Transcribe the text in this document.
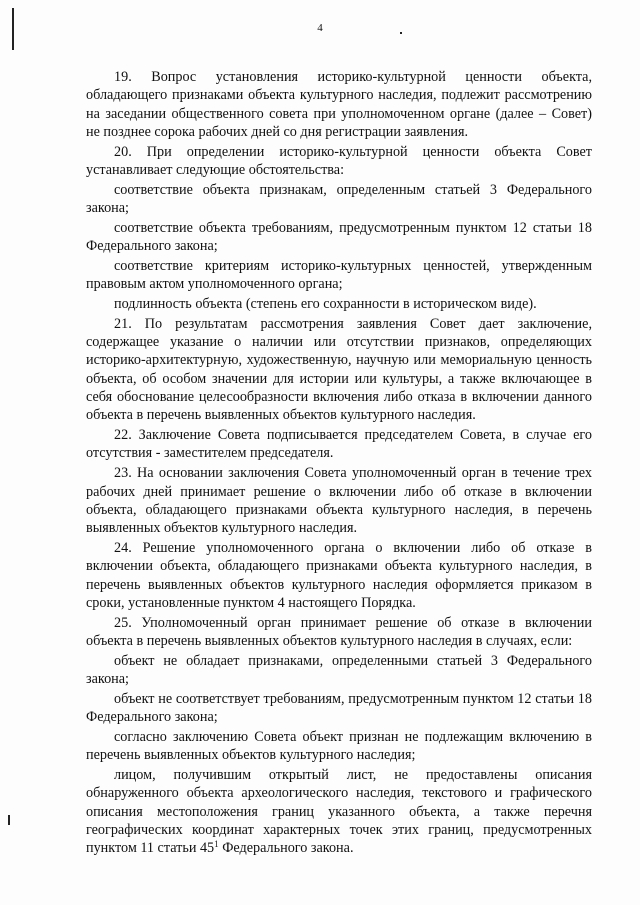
4

19. Вопрос установления историко-культурной ценности объекта, обладающего признаками объекта культурного наследия, подлежит рассмотрению на заседании общественного совета при уполномоченном органе (далее – Совет) не позднее сорока рабочих дней со дня регистрации заявления.

20. При определении историко-культурной ценности объекта Совет устанавливает следующие обстоятельства:

соответствие объекта признакам, определенным статьей 3 Федерального закона;

соответствие объекта требованиям, предусмотренным пунктом 12 статьи 18 Федерального закона;

соответствие критериям историко-культурных ценностей, утвержденным правовым актом уполномоченного органа;

подлинность объекта (степень его сохранности в историческом виде).

21. По результатам рассмотрения заявления Совет дает заключение, содержащее указание о наличии или отсутствии признаков, определяющих историко-архитектурную, художественную, научную или мемориальную ценность объекта, об особом значении для истории или культуры, а также включающее в себя обоснование целесообразности включения либо отказа в включении данного объекта в перечень выявленных объектов культурного наследия.

22. Заключение Совета подписывается председателем Совета, в случае его отсутствия - заместителем председателя.

23. На основании заключения Совета уполномоченный орган в течение трех рабочих дней принимает решение о включении либо об отказе в включении объекта, обладающего признаками объекта культурного наследия, в перечень выявленных объектов культурного наследия.

24. Решение уполномоченного органа о включении либо об отказе в включении объекта, обладающего признаками объекта культурного наследия, в перечень выявленных объектов культурного наследия оформляется приказом в сроки, установленные пунктом 4 настоящего Порядка.

25. Уполномоченный орган принимает решение об отказе в включении объекта в перечень выявленных объектов культурного наследия в случаях, если:

объект не обладает признаками, определенными статьей 3 Федерального закона;

объект не соответствует требованиям, предусмотренным пунктом 12 статьи 18 Федерального закона;

согласно заключению Совета объект признан не подлежащим включению в перечень выявленных объектов культурного наследия;

лицом, получившим открытый лист, не предоставлены описания обнаруженного объекта археологического наследия, текстового и графического описания местоположения границ указанного объекта, а также перечня географических координат характерных точек этих границ, предусмотренных пунктом 11 статьи $45^1$ Федерального закона.
